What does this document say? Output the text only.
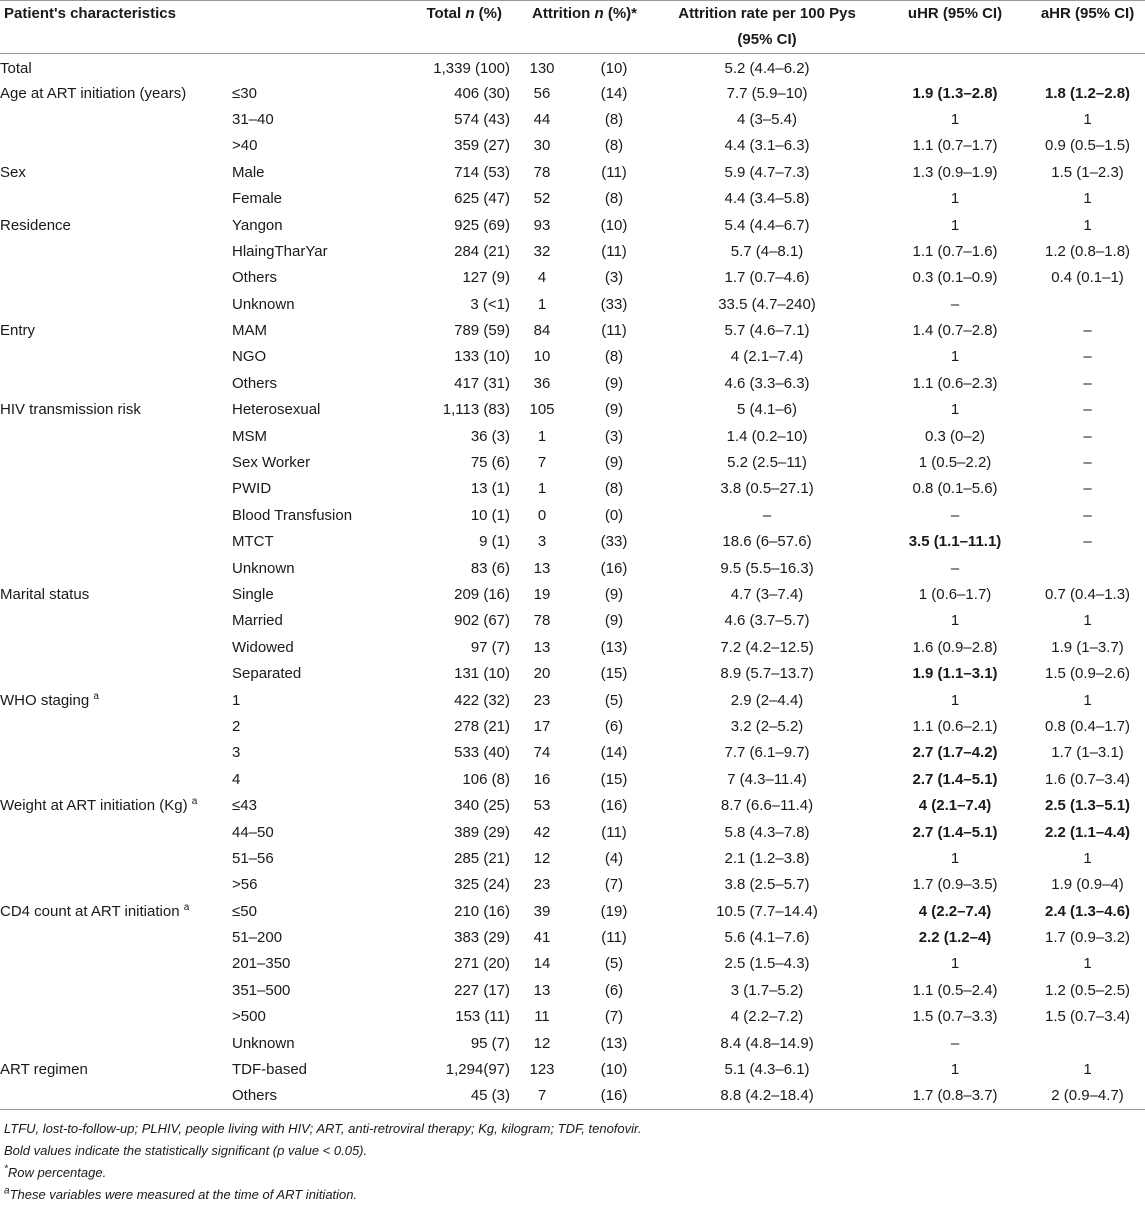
Patient's characteristics		Total n (%)	Attrition n (%)*		Attrition rate per 100 Pys
(95% CI)	uHR (95% CI)	aHR (95% CI)
Total		1,339 (100)	130	(10)	5.2 (4.4–6.2)		
Age at ART initiation (years)	≤30	406 (30)	56	(14)	7.7 (5.9–10)	1.9 (1.3–2.8)	1.8 (1.2–2.8)
	31–40	574 (43)	44	(8)	4 (3–5.4)	1	1
	>40	359 (27)	30	(8)	4.4 (3.1–6.3)	1.1 (0.7–1.7)	0.9 (0.5–1.5)
Sex	Male	714 (53)	78	(11)	5.9 (4.7–7.3)	1.3 (0.9–1.9)	1.5 (1–2.3)
	Female	625 (47)	52	(8)	4.4 (3.4–5.8)	1	1
Residence	Yangon	925 (69)	93	(10)	5.4 (4.4–6.7)	1	1
	HlaingTharYar	284 (21)	32	(11)	5.7 (4–8.1)	1.1 (0.7–1.6)	1.2 (0.8–1.8)
	Others	127 (9)	4	(3)	1.7 (0.7–4.6)	0.3 (0.1–0.9)	0.4 (0.1–1)
	Unknown	3 (<1)	1	(33)	33.5 (4.7–240)	–	
Entry	MAM	789 (59)	84	(11)	5.7 (4.6–7.1)	1.4 (0.7–2.8)	–
	NGO	133 (10)	10	(8)	4 (2.1–7.4)	1	–
	Others	417 (31)	36	(9)	4.6 (3.3–6.3)	1.1 (0.6–2.3)	–
HIV transmission risk	Heterosexual	1,113 (83)	105	(9)	5 (4.1–6)	1	–
	MSM	36 (3)	1	(3)	1.4 (0.2–10)	0.3 (0–2)	–
	Sex Worker	75 (6)	7	(9)	5.2 (2.5–11)	1 (0.5–2.2)	–
	PWID	13 (1)	1	(8)	3.8 (0.5–27.1)	0.8 (0.1–5.6)	–
	Blood Transfusion	10 (1)	0	(0)	–	–	–
	MTCT	9 (1)	3	(33)	18.6 (6–57.6)	3.5 (1.1–11.1)	–
	Unknown	83 (6)	13	(16)	9.5 (5.5–16.3)	–	
Marital status	Single	209 (16)	19	(9)	4.7 (3–7.4)	1 (0.6–1.7)	0.7 (0.4–1.3)
	Married	902 (67)	78	(9)	4.6 (3.7–5.7)	1	1
	Widowed	97 (7)	13	(13)	7.2 (4.2–12.5)	1.6 (0.9–2.8)	1.9 (1–3.7)
	Separated	131 (10)	20	(15)	8.9 (5.7–13.7)	1.9 (1.1–3.1)	1.5 (0.9–2.6)
WHO staging $^a$	1	422 (32)	23	(5)	2.9 (2–4.4)	1	1
	2	278 (21)	17	(6)	3.2 (2–5.2)	1.1 (0.6–2.1)	0.8 (0.4–1.7)
	3	533 (40)	74	(14)	7.7 (6.1–9.7)	2.7 (1.7–4.2)	1.7 (1–3.1)
	4	106 (8)	16	(15)	7 (4.3–11.4)	2.7 (1.4–5.1)	1.6 (0.7–3.4)
Weight at ART initiation (Kg) $^a$	≤43	340 (25)	53	(16)	8.7 (6.6–11.4)	4 (2.1–7.4)	2.5 (1.3–5.1)
	44–50	389 (29)	42	(11)	5.8 (4.3–7.8)	2.7 (1.4–5.1)	2.2 (1.1–4.4)
	51–56	285 (21)	12	(4)	2.1 (1.2–3.8)	1	1
	>56	325 (24)	23	(7)	3.8 (2.5–5.7)	1.7 (0.9–3.5)	1.9 (0.9–4)
CD4 count at ART initiation $^a$	≤50	210 (16)	39	(19)	10.5 (7.7–14.4)	4 (2.2–7.4)	2.4 (1.3–4.6)
	51–200	383 (29)	41	(11)	5.6 (4.1–7.6)	2.2 (1.2–4)	1.7 (0.9–3.2)
	201–350	271 (20)	14	(5)	2.5 (1.5–4.3)	1	1
	351–500	227 (17)	13	(6)	3 (1.7–5.2)	1.1 (0.5–2.4)	1.2 (0.5–2.5)
	>500	153 (11)	11	(7)	4 (2.2–7.2)	1.5 (0.7–3.3)	1.5 (0.7–3.4)
	Unknown	95 (7)	12	(13)	8.4 (4.8–14.9)	–	
ART regimen	TDF-based	1,294(97)	123	(10)	5.1 (4.3–6.1)	1	1
	Others	45 (3)	7	(16)	8.8 (4.2–18.4)	1.7 (0.8–3.7)	2 (0.9–4.7)
LTFU, lost-to-follow-up; PLHIV, people living with HIV; ART, anti-retroviral therapy; Kg, kilogram; TDF, tenofovir.
Bold values indicate the statistically significant (p value < 0.05).
*Row percentage.
$^a$These variables were measured at the time of ART initiation.
